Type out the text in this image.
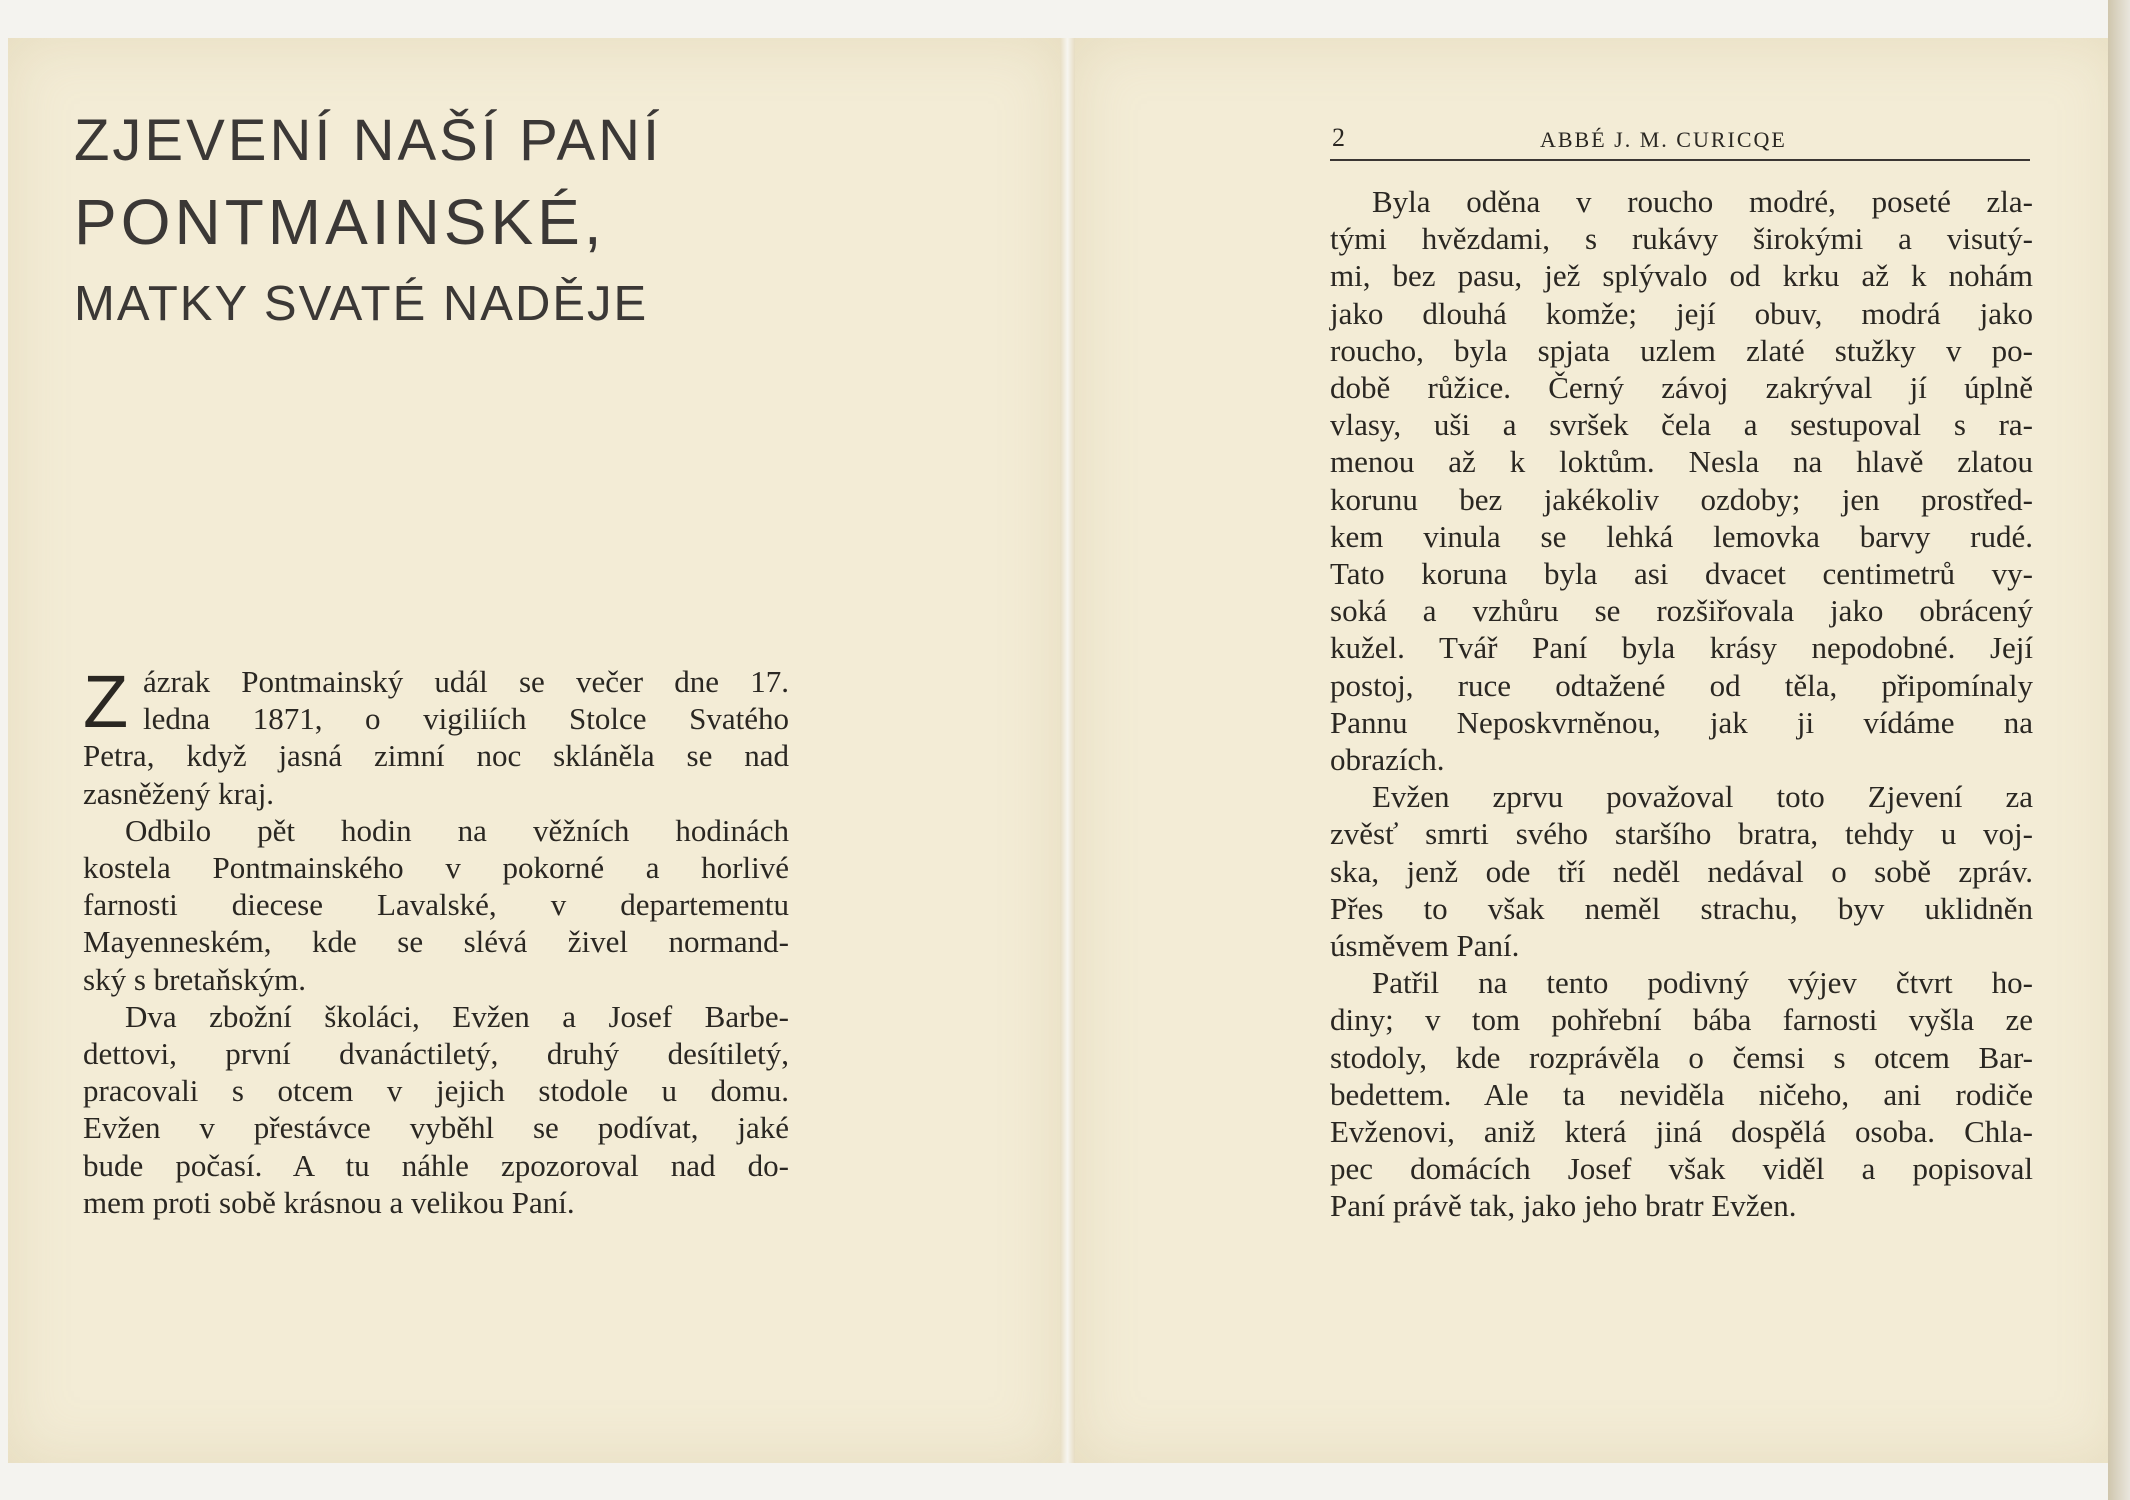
ZJEVENÍ NAŠÍ PANÍ
PONTMAINSKÉ,
MATKY SVATÉ NADĚJE

Z ázrak Pontmainský udál se večer dne 17.
ledna 1871, o vigiliích Stolce Svatého
Petra, když jasná zimní noc skláněla se nad
zasněžený kraj.

Odbilo pět hodin na věžních hodinách
kostela Pontmainského v pokorné a horlivé
farnosti diecese Lavalské, v departementu
Mayenneském, kde se slévá živel normand-
ský s bretaňským.

Dva zbožní školáci, Evžen a Josef Barbe-
dettovi, první dvanáctiletý, druhý desítiletý,
pracovali s otcem v jejich stodole u domu.
Evžen v přestávce vyběhl se podívat, jaké
bude počasí. A tu náhle zpozoroval nad do-
mem proti sobě krásnou a velikou Paní.

2	ABBÉ J. M. CURICQE

Byla oděna v roucho modré, poseté zla-
tými hvězdami, s rukávy širokými a visutý-
mi, bez pasu, jež splývalo od krku až k nohám
jako dlouhá komže; její obuv, modrá jako
roucho, byla spjata uzlem zlaté stužky v po-
době růžice. Černý závoj zakrýval jí úplně
vlasy, uši a svršek čela a sestupoval s ra-
menou až k loktům. Nesla na hlavě zlatou
korunu bez jakékoliv ozdoby; jen prostřed-
kem vinula se lehká lemovka barvy rudé.
Tato koruna byla asi dvacet centimetrů vy-
soká a vzhůru se rozšiřovala jako obrácený
kužel. Tvář Paní byla krásy nepodobné. Její
postoj, ruce odtažené od těla, připomínaly
Pannu Neposkvrněnou, jak ji vídáme na
obrazích.

Evžen zprvu považoval toto Zjevení za
zvěsť smrti svého staršího bratra, tehdy u voj-
ska, jenž ode tří neděl nedával o sobě zpráv.
Přes to však neměl strachu, byv uklidněn
úsměvem Paní.

Patřil na tento podivný výjev čtvrt ho-
diny; v tom pohřební bába farnosti vyšla ze
stodoly, kde rozprávěla o čemsi s otcem Bar-
bedettem. Ale ta neviděla ničeho, ani rodiče
Evženovi, aniž která jiná dospělá osoba. Chla-
pec domácích Josef však viděl a popisoval
Paní právě tak, jako jeho bratr Evžen.
